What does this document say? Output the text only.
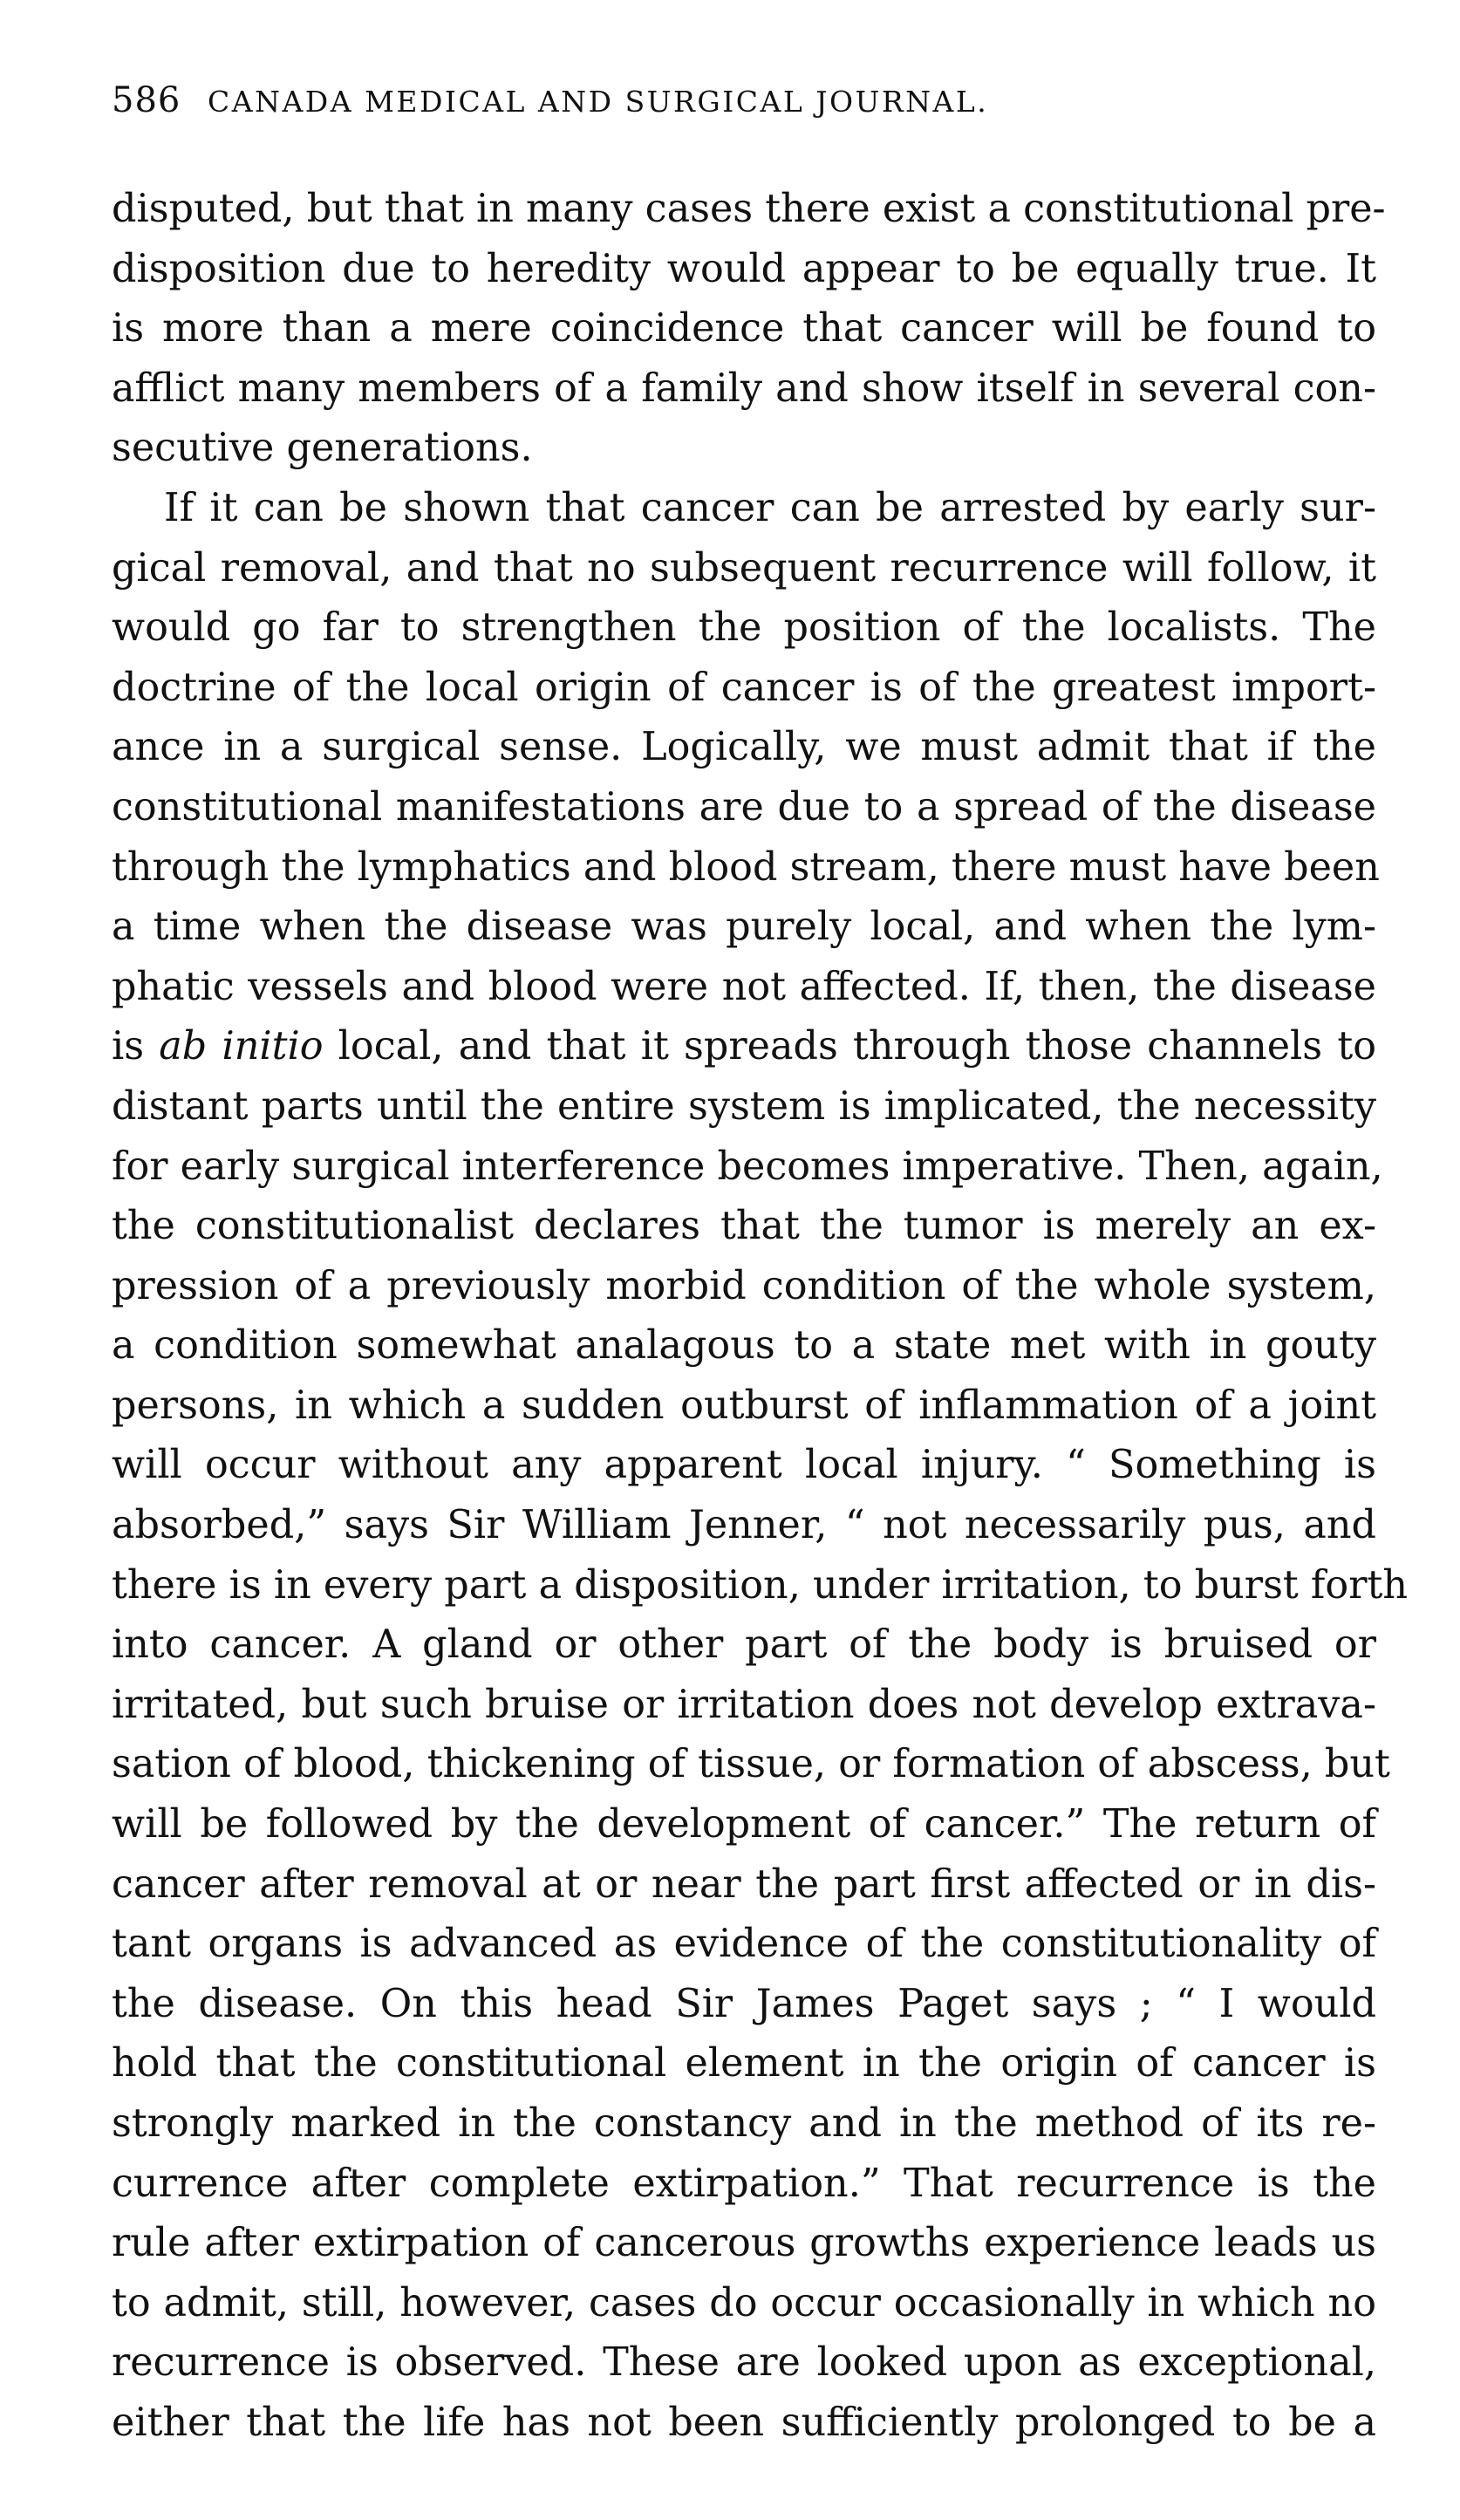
586 CANADA MEDICAL AND SURGICAL JOURNAL.

disputed, but that in many cases there exist a constitutional pre-
disposition due to heredity would appear to be equally true. It
is more than a mere coincidence that cancer will be found to
afflict many members of a family and show itself in several con-
secutive generations.

If it can be shown that cancer can be arrested by early sur-
gical removal, and that no subsequent recurrence will follow, it
would go far to strengthen the position of the localists. The
doctrine of the local origin of cancer is of the greatest import-
ance in a surgical sense. Logically, we must admit that if the
constitutional manifestations are due to a spread of the disease
through the lymphatics and blood stream, there must have been
a time when the disease was purely local, and when the lym-
phatic vessels and blood were not affected. If, then, the disease
is ab initio local, and that it spreads through those channels to
distant parts until the entire system is implicated, the necessity
for early surgical interference becomes imperative. Then, again,
the constitutionalist declares that the tumor is merely an ex-
pression of a previously morbid condition of the whole system,
a condition somewhat analagous to a state met with in gouty
persons, in which a sudden outburst of inflammation of a joint
will occur without any apparent local injury. “ Something is
absorbed,” says Sir William Jenner, “ not necessarily pus, and
there is in every part a disposition, under irritation, to burst forth
into cancer. A gland or other part of the body is bruised or
irritated, but such bruise or irritation does not develop extrava-
sation of blood, thickening of tissue, or formation of abscess, but
will be followed by the development of cancer.” The return of
cancer after removal at or near the part first affected or in dis-
tant organs is advanced as evidence of the constitutionality of
the disease. On this head Sir James Paget says ; “ I would
hold that the constitutional element in the origin of cancer is
strongly marked in the constancy and in the method of its re-
currence after complete extirpation.” That recurrence is the
rule after extirpation of cancerous growths experience leads us
to admit, still, however, cases do occur occasionally in which no
recurrence is observed. These are looked upon as exceptional,
either that the life has not been sufficiently prolonged to be a
